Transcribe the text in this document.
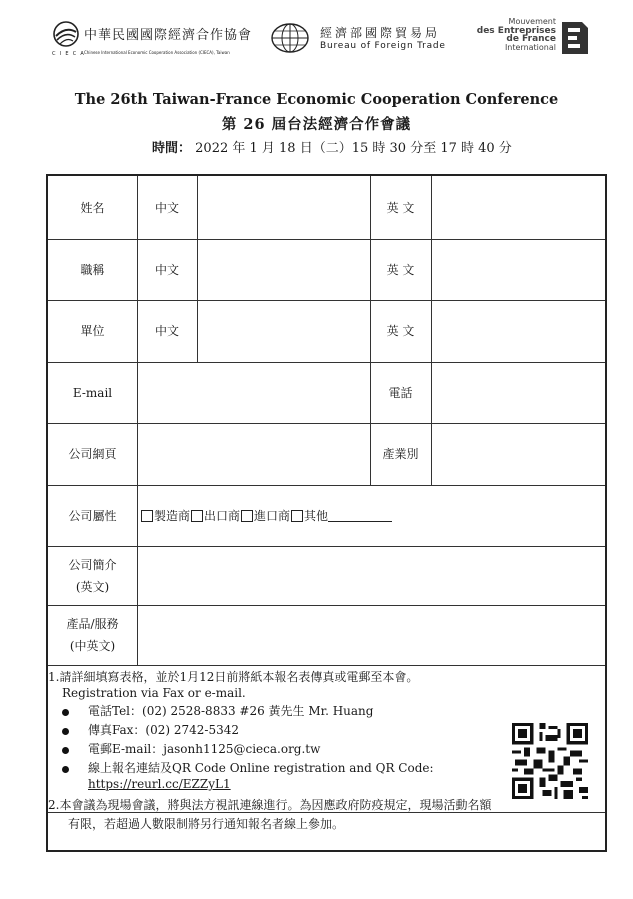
中華民國國際經濟合作協會
C I E C A
Chinese International Economic Cooperation Association (CIECA), Taiwan
經濟部國際貿易局
Bureau of Foreign Trade
Mouvement
des Entreprises
de France
International
The 26th Taiwan-France Economic Cooperation Conference
第 26 屆台法經濟合作會議
時間： 2022 年 1 月 18 日（二）15 時 30 分至 17 時 40 分
姓名	中文	英 文
職稱	中文	英 文
單位	中文	英 文
E-mail	電話
公司網頁	產業別
公司屬性	製造商 出口商 進口商 其他
公司簡介
(英文)
產品/服務
(中英文)
1.請詳細填寫表格，並於1月12日前將紙本報名表傳真或電郵至本會。
Registration via Fax or e-mail.
電話Tel：(02) 2528-8833 #26 黃先生 Mr. Huang
傳真Fax：(02) 2742-5342
電郵E-mail：jasonh1125@cieca.org.tw
線上報名連結及QR Code Online registration and QR Code:
https://reurl.cc/EZZyL1
2.本會議為現場會議，將與法方視訊連線進行。為因應政府防疫規定，現場活動名額
有限，若超過人數限制將另行通知報名者線上參加。
